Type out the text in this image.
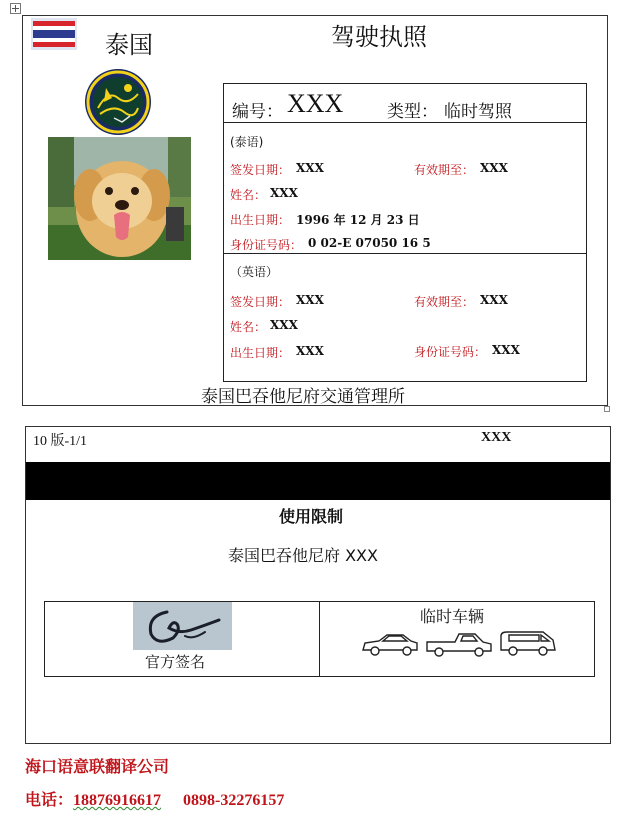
泰国	驾驶执照
编号： XXX	类型： 临时驾照
(泰语)
签发日期： XXX	有效期至： XXX
姓名： XXX
出生日期： 1996 年 12 月 23 日
身份证号码： 0 02-E 07050 16 5
（英语）
签发日期： XXX	有效期至： XXX
姓名： XXX
出生日期： XXX	身份证号码： XXX
泰国巴吞他尼府交通管理所
10 版-1/1	XXX
使用限制
泰国巴吞他尼府 XXX
官方签名
临时车辆
海口语意联翻译公司
电话：18876916617 0898-32276157
